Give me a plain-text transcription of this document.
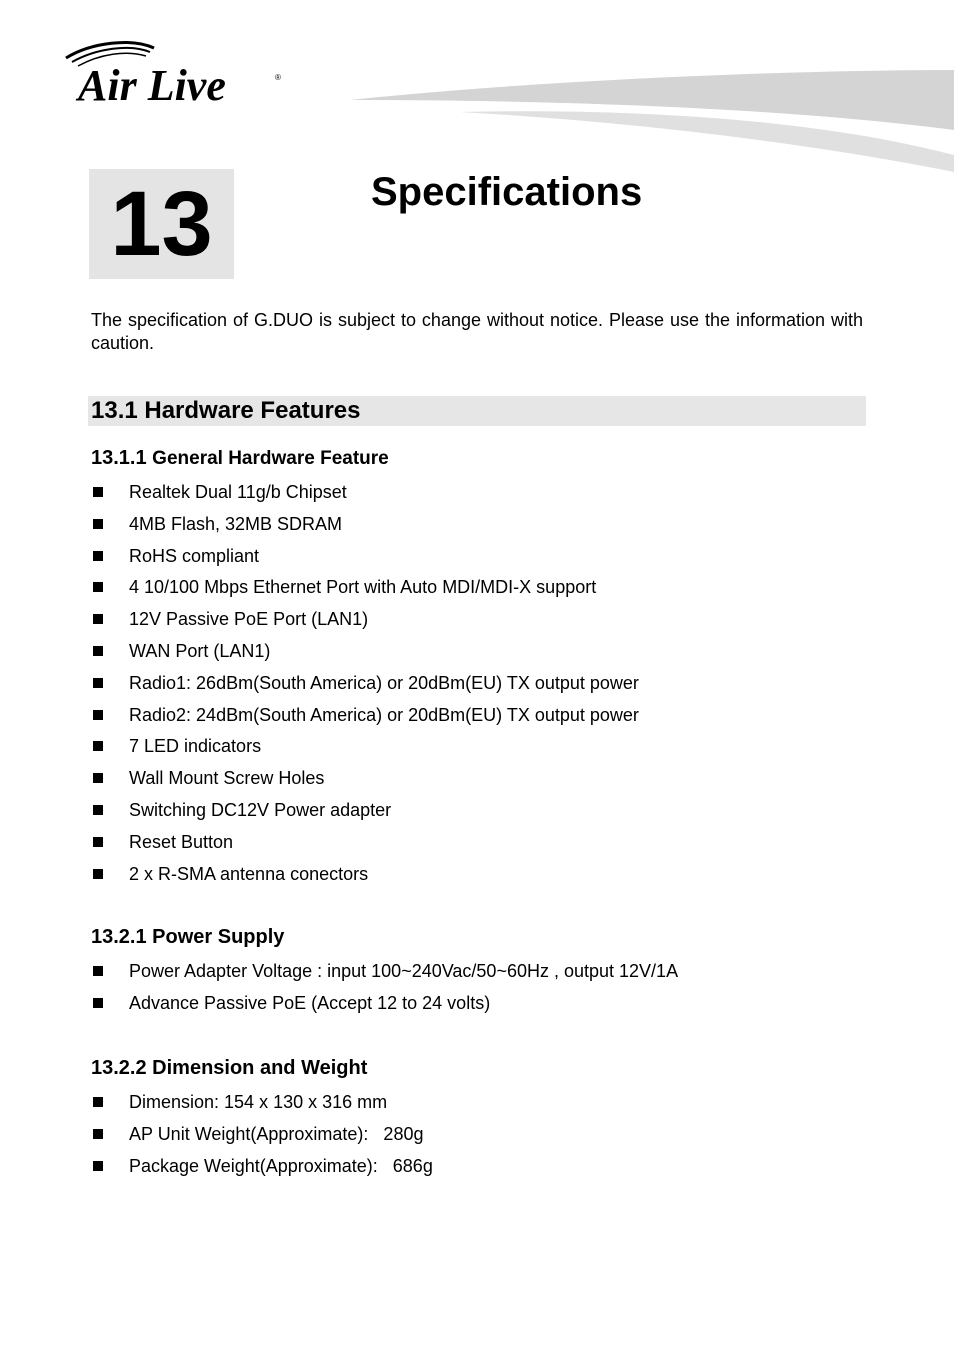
Air Live	®
13	Specifications

The specification of G.DUO is subject to change without notice. Please use the information with caution.

13.1 Hardware Features
13.1.1 General Hardware Feature
Realtek Dual 11g/b Chipset
4MB Flash, 32MB SDRAM
RoHS compliant
4 10/100 Mbps Ethernet Port with Auto MDI/MDI-X support
12V Passive PoE Port (LAN1)
WAN Port (LAN1)
Radio1: 26dBm(South America) or 20dBm(EU) TX output power
Radio2: 24dBm(South America) or 20dBm(EU) TX output power
7 LED indicators
Wall Mount Screw Holes
Switching DC12V Power adapter
Reset Button
2 x R-SMA antenna conectors
13.2.1 Power Supply
Power Adapter Voltage : input 100~240Vac/50~60Hz , output 12V/1A
Advance Passive PoE (Accept 12 to 24 volts)
13.2.2 Dimension and Weight
Dimension: 154 x 130 x 316 mm
AP Unit Weight(Approximate):   280g
Package Weight(Approximate):   686g
